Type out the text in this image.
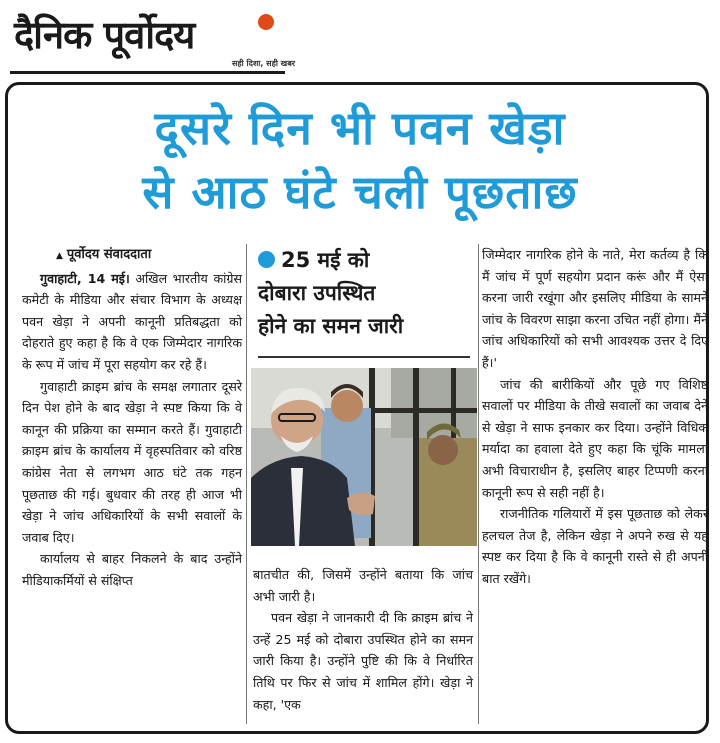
दैनिक पूर्वोदय
सही दिशा, सही खबर
दूसरे दिन भी पवन खेड़ा
से आठ घंटे चली पूछताछ
▲ पूर्वोदय संवाददाता

गुवाहाटी, 14 मई। अखिल भारतीय कांग्रेस कमेटी के मीडिया और संचार विभाग के अध्यक्ष पवन खेड़ा ने अपनी कानूनी प्रतिबद्धता को दोहराते हुए कहा है कि वे एक जिम्मेदार नागरिक के रूप में जांच में पूरा सहयोग कर रहे हैं।

गुवाहाटी क्राइम ब्रांच के समक्ष लगातार दूसरे दिन पेश होने के बाद खेड़ा ने स्पष्ट किया कि वे कानून की प्रक्रिया का सम्मान करते हैं। गुवाहाटी क्राइम ब्रांच के कार्यालय में वृहस्पतिवार को वरिष्ठ कांग्रेस नेता से लगभग आठ घंटे तक गहन पूछताछ की गई। बुधवार की तरह ही आज भी खेड़ा ने जांच अधिकारियों के सभी सवालों के जवाब दिए।

कार्यालय से बाहर निकलने के बाद उन्होंने मीडियाकर्मियों से संक्षिप्त

25 मई को
दोबारा उपस्थित
होने का समन जारी

बातचीत की, जिसमें उन्होंने बताया कि जांच अभी जारी है।

पवन खेड़ा ने जानकारी दी कि क्राइम ब्रांच ने उन्हें 25 मई को दोबारा उपस्थित होने का समन जारी किया है। उन्होंने पुष्टि की कि वे निर्धारित तिथि पर फिर से जांच में शामिल होंगे। खेड़ा ने कहा, 'एक

जिम्मेदार नागरिक होने के नाते, मेरा कर्तव्य है कि मैं जांच में पूर्ण सहयोग प्रदान करूं और मैं ऐसा करना जारी रखूंगा और इसलिए मीडिया के सामने जांच के विवरण साझा करना उचित नहीं होगा। मैंने जांच अधिकारियों को सभी आवश्यक उत्तर दे दिए हैं।'

जांच की बारीकियों और पूछे गए विशिष्ट सवालों पर मीडिया के तीखे सवालों का जवाब देने से खेड़ा ने साफ इनकार कर दिया। उन्होंने विधिक मर्यादा का हवाला देते हुए कहा कि चूंकि मामला अभी विचाराधीन है, इसलिए बाहर टिप्पणी करना कानूनी रूप से सही नहीं है।

राजनीतिक गलियारों में इस पूछताछ को लेकर हलचल तेज है, लेकिन खेड़ा ने अपने रुख से यह स्पष्ट कर दिया है कि वे कानूनी रास्ते से ही अपनी बात रखेंगे।
